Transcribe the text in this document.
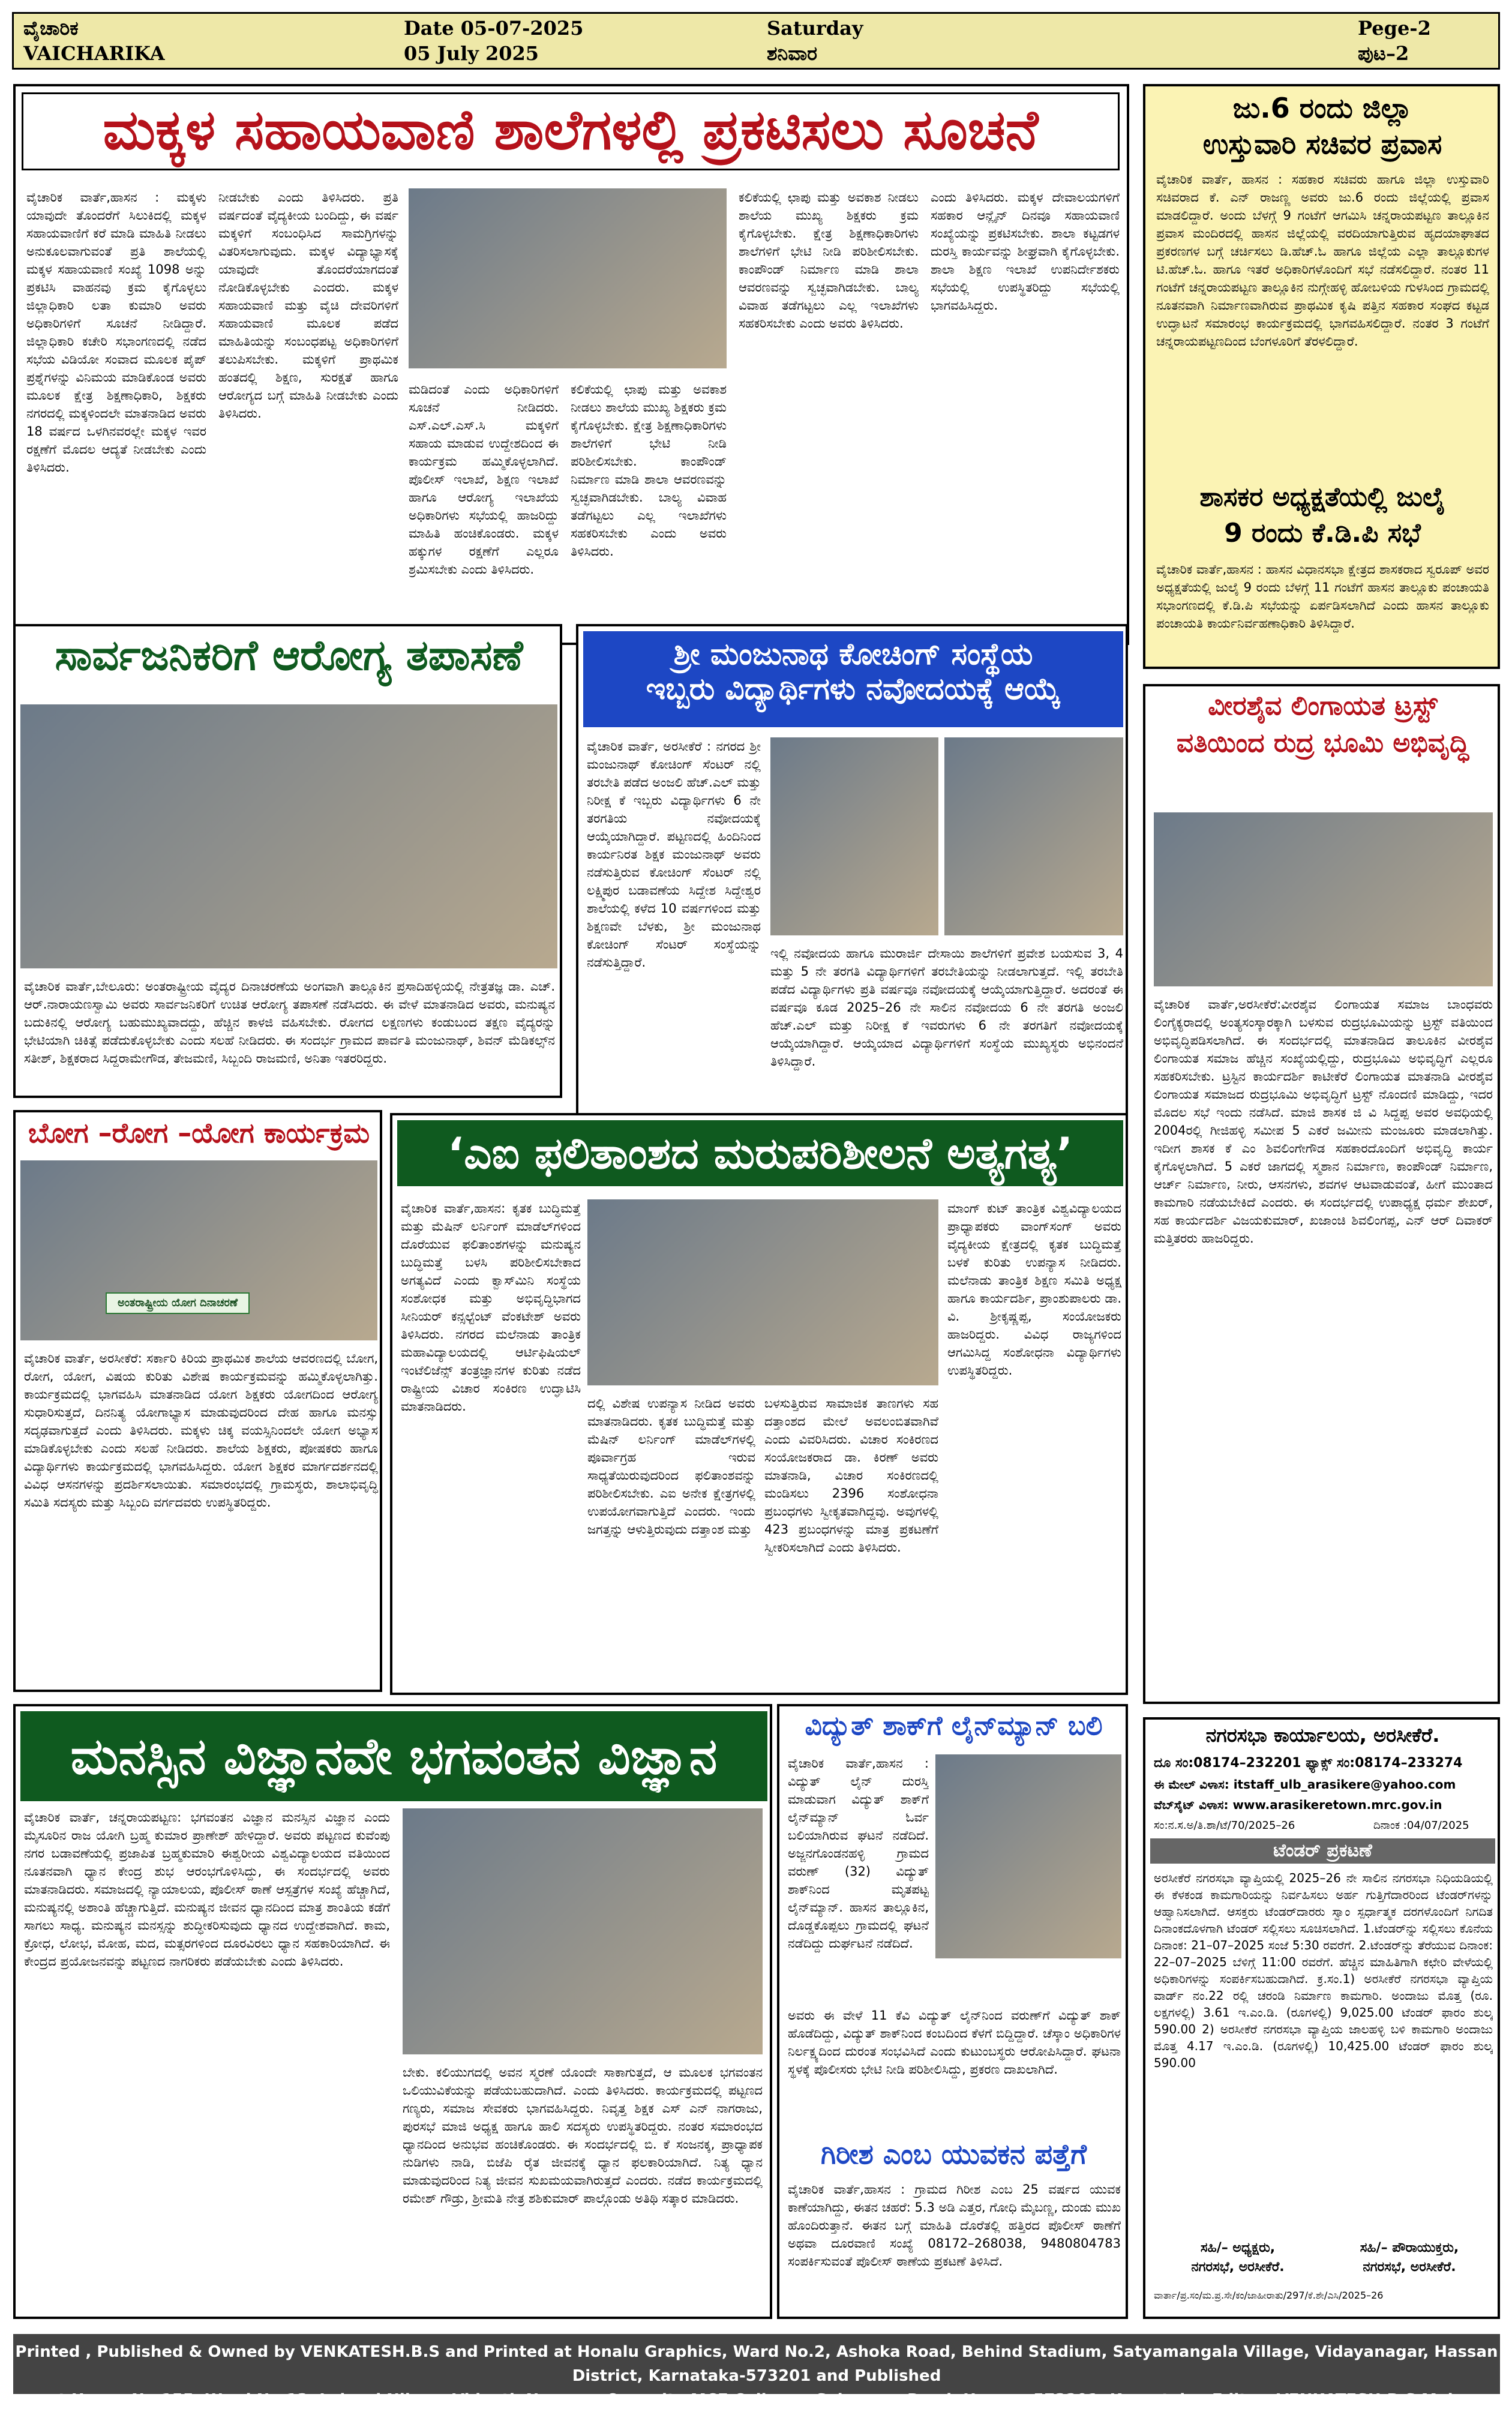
ವೈಚಾರಿಕ
VAICHARIKA
Date 05-07-2025
05 July 2025
Saturday
ಶನಿವಾರ
Pege-2
ಪುಟ–2
ಮಕ್ಕಳ ಸಹಾಯವಾಣಿ ಶಾಲೆಗಳಲ್ಲಿ ಪ್ರಕಟಿಸಲು ಸೂಚನೆ
ವೈಚಾರಿಕ ವಾರ್ತೆ,ಹಾಸನ : ಮಕ್ಕಳು ಯಾವುದೇ ತೊಂದರೆಗೆ ಸಿಲುಕಿದಲ್ಲಿ ಮಕ್ಕಳ ಸಹಾಯವಾಣಿಗೆ ಕರೆ ಮಾಡಿ ಮಾಹಿತಿ ನೀಡಲು ಅನುಕೂಲವಾಗುವಂತೆ ಪ್ರತಿ ಶಾಲೆಯಲ್ಲಿ ಮಕ್ಕಳ ಸಹಾಯವಾಣಿ ಸಂಖ್ಯೆ 1098 ಅನ್ನು ಪ್ರಕಟಿಸಿ ವಾಹನವು ಕ್ರಮ ಕೈಗೊಳ್ಳಲು ಜಿಲ್ಲಾಧಿಕಾರಿ ಲತಾ ಕುಮಾರಿ ಅವರು ಅಧಿಕಾರಿಗಳಿಗೆ ಸೂಚನೆ ನೀಡಿದ್ದಾರೆ. ಜಿಲ್ಲಾಧಿಕಾರಿ ಕಚೇರಿ ಸಭಾಂಗಣದಲ್ಲಿ ನಡೆದ ಸಭೆಯ ವಿಡಿಯೋ ಸಂವಾದ ಮೂಲಕ ಪೈಪ್ ಪ್ರಶ್ನೆಗಳನ್ನು ವಿನಿಮಯ ಮಾಡಿಕೊಂಡ ಅವರು ಮೂಲಕ ಕ್ಷೇತ್ರ ಶಿಕ್ಷಣಾಧಿಕಾರಿ, ಶಿಕ್ಷಕರು ನಗರದಲ್ಲಿ ಮಕ್ಕಳಿಂದಲೇ ಮಾತನಾಡಿದ ಅವರು 18 ವರ್ಷದ ಒಳಗಿನವರಲ್ಲೇ ಮಕ್ಕಳ ಇವರ ರಕ್ಷಣೆಗೆ ಮೊದಲ ಆದ್ಯತೆ ನೀಡಬೇಕು ಎಂದು ತಿಳಿಸಿದರು.
ನೀಡಬೇಕು ಎಂದು ತಿಳಿಸಿದರು. ಪ್ರತಿ ವರ್ಷದಂತೆ ವೈದ್ಯಕೀಯ ಬಂದಿದ್ದು, ಈ ವರ್ಷ ಮಕ್ಕಳಿಗೆ ಸಂಬಂಧಿಸಿದ ಸಾಮಗ್ರಿಗಳನ್ನು ವಿತರಿಸಲಾಗುವುದು. ಮಕ್ಕಳ ವಿದ್ಯಾಭ್ಯಾಸಕ್ಕೆ ಯಾವುದೇ ತೊಂದರೆಯಾಗದಂತೆ ನೋಡಿಕೊಳ್ಳಬೇಕು ಎಂದರು. ಮಕ್ಕಳ ಸಹಾಯವಾಣಿ ಮತ್ತು ವೈಚಿ ದೇವರಿಗಳಿಗೆ ಸಹಾಯವಾಣಿ ಮೂಲಕ ಪಡೆದ ಮಾಹಿತಿಯನ್ನು ಸಂಬಂಧಪಟ್ಟ ಅಧಿಕಾರಿಗಳಿಗೆ ತಲುಪಿಸಬೇಕು. ಮಕ್ಕಳಿಗೆ ಪ್ರಾಥಮಿಕ ಹಂತದಲ್ಲಿ ಶಿಕ್ಷಣ, ಸುರಕ್ಷತೆ ಹಾಗೂ ಆರೋಗ್ಯದ ಬಗ್ಗೆ ಮಾಹಿತಿ ನೀಡಬೇಕು ಎಂದು ತಿಳಿಸಿದರು.
ಮಡಿದಂತೆ ಎಂದು ಅಧಿಕಾರಿಗಳಿಗೆ ಸೂಚನೆ ನೀಡಿದರು. ಎಸ್.ಎಲ್.ಎಸ್.ಸಿ ಮಕ್ಕಳಿಗೆ ಸಹಾಯ ಮಾಡುವ ಉದ್ದೇಶದಿಂದ ಈ ಕಾರ್ಯಕ್ರಮ ಹಮ್ಮಿಕೊಳ್ಳಲಾಗಿದೆ. ಪೊಲೀಸ್ ಇಲಾಖೆ, ಶಿಕ್ಷಣ ಇಲಾಖೆ ಹಾಗೂ ಆರೋಗ್ಯ ಇಲಾಖೆಯ ಅಧಿಕಾರಿಗಳು ಸಭೆಯಲ್ಲಿ ಹಾಜರಿದ್ದು ಮಾಹಿತಿ ಹಂಚಿಕೊಂಡರು. ಮಕ್ಕಳ ಹಕ್ಕುಗಳ ರಕ್ಷಣೆಗೆ ಎಲ್ಲರೂ ಶ್ರಮಿಸಬೇಕು ಎಂದು ತಿಳಿಸಿದರು.
ಕಲಿಕೆಯಲ್ಲಿ ಛಾಪು ಮತ್ತು ಅವಕಾಶ ನೀಡಲು ಶಾಲೆಯ ಮುಖ್ಯ ಶಿಕ್ಷಕರು ಕ್ರಮ ಕೈಗೊಳ್ಳಬೇಕು. ಕ್ಷೇತ್ರ ಶಿಕ್ಷಣಾಧಿಕಾರಿಗಳು ಶಾಲೆಗಳಿಗೆ ಭೇಟಿ ನೀಡಿ ಪರಿಶೀಲಿಸಬೇಕು. ಕಾಂಪೌಂಡ್ ನಿರ್ಮಾಣ ಮಾಡಿ ಶಾಲಾ ಆವರಣವನ್ನು ಸ್ವಚ್ಛವಾಗಿಡಬೇಕು. ಬಾಲ್ಯ ವಿವಾಹ ತಡೆಗಟ್ಟಲು ಎಲ್ಲ ಇಲಾಖೆಗಳು ಸಹಕರಿಸಬೇಕು ಎಂದು ಅವರು ತಿಳಿಸಿದರು.
ಕಲಿಕೆಯಲ್ಲಿ ಛಾಪು ಮತ್ತು ಅವಕಾಶ ನೀಡಲು ಶಾಲೆಯ ಮುಖ್ಯ ಶಿಕ್ಷಕರು ಕ್ರಮ ಕೈಗೊಳ್ಳಬೇಕು. ಕ್ಷೇತ್ರ ಶಿಕ್ಷಣಾಧಿಕಾರಿಗಳು ಶಾಲೆಗಳಿಗೆ ಭೇಟಿ ನೀಡಿ ಪರಿಶೀಲಿಸಬೇಕು. ಕಾಂಪೌಂಡ್ ನಿರ್ಮಾಣ ಮಾಡಿ ಶಾಲಾ ಆವರಣವನ್ನು ಸ್ವಚ್ಛವಾಗಿಡಬೇಕು. ಬಾಲ್ಯ ವಿವಾಹ ತಡೆಗಟ್ಟಲು ಎಲ್ಲ ಇಲಾಖೆಗಳು ಸಹಕರಿಸಬೇಕು ಎಂದು ಅವರು ತಿಳಿಸಿದರು.
ಎಂದು ತಿಳಿಸಿದರು. ಮಕ್ಕಳ ದೇವಾಲಯಗಳಿಗೆ ಸಹಕಾರ ಆನ್ಲೈನ್ ದಿನವೂ ಸಹಾಯವಾಣಿ ಸಂಖ್ಯೆಯನ್ನು ಪ್ರಕಟಿಸಬೇಕು. ಶಾಲಾ ಕಟ್ಟಡಗಳ ದುರಸ್ತಿ ಕಾರ್ಯವನ್ನು ಶೀಘ್ರವಾಗಿ ಕೈಗೊಳ್ಳಬೇಕು. ಶಾಲಾ ಶಿಕ್ಷಣ ಇಲಾಖೆ ಉಪನಿರ್ದೇಶಕರು ಸಭೆಯಲ್ಲಿ ಉಪಸ್ಥಿತರಿದ್ದು ಸಭೆಯಲ್ಲಿ ಭಾಗವಹಿಸಿದ್ದರು.
ಜು.6 ರಂದು ಜಿಲ್ಲಾ
ಉಸ್ತುವಾರಿ ಸಚಿವರ ಪ್ರವಾಸ
ವೈಚಾರಿಕ ವಾರ್ತೆ, ಹಾಸನ : ಸಹಕಾರ ಸಚಿವರು ಹಾಗೂ ಜಿಲ್ಲಾ ಉಸ್ತುವಾರಿ ಸಚಿವರಾದ ಕೆ. ಎನ್ ರಾಜಣ್ಣ ಅವರು ಜು.6 ರಂದು ಜಿಲ್ಲೆಯಲ್ಲಿ ಪ್ರವಾಸ ಮಾಡಲಿದ್ದಾರೆ. ಅಂದು ಬೆಳಗ್ಗೆ 9 ಗಂಟೆಗೆ ಆಗಮಿಸಿ ಚನ್ನರಾಯಪಟ್ಟಣ ತಾಲ್ಲೂಕಿನ ಪ್ರವಾಸ ಮಂದಿರದಲ್ಲಿ ಹಾಸನ ಜಿಲ್ಲೆಯಲ್ಲಿ ವರದಿಯಾಗುತ್ತಿರುವ ಹೃದಯಾಘಾತದ ಪ್ರಕರಣಗಳ ಬಗ್ಗೆ ಚರ್ಚಿಸಲು ಡಿ.ಹೆಚ್.ಓ ಹಾಗೂ ಜಿಲ್ಲೆಯ ಎಲ್ಲಾ ತಾಲ್ಲೂಕುಗಳ ಟಿ.ಹೆಚ್.ಓ. ಹಾಗೂ ಇತರೆ ಅಧಿಕಾರಿಗಳೊಂದಿಗೆ ಸಭೆ ನಡೆಸಲಿದ್ದಾರೆ. ನಂತರ 11 ಗಂಟೆಗೆ ಚನ್ನರಾಯಪಟ್ಟಣ ತಾಲ್ಲೂಕಿನ ನುಗ್ಗೇಹಳ್ಳಿ ಹೋಬಳಿಯ ಗುಳಸಿಂದ ಗ್ರಾಮದಲ್ಲಿ ನೂತನವಾಗಿ ನಿರ್ಮಾಣವಾಗಿರುವ ಪ್ರಾಥಮಿಕ ಕೃಷಿ ಪತ್ತಿನ ಸಹಕಾರ ಸಂಘದ ಕಟ್ಟಡ ಉದ್ಘಾಟನೆ ಸಮಾರಂಭ ಕಾರ್ಯಕ್ರಮದಲ್ಲಿ ಭಾಗವಹಿಸಲಿದ್ದಾರೆ. ನಂತರ 3 ಗಂಟೆಗೆ ಚನ್ನರಾಯಪಟ್ಟಣದಿಂದ ಬೆಂಗಳೂರಿಗೆ ತೆರಳಲಿದ್ದಾರೆ.
ಶಾಸಕರ ಅಧ್ಯಕ್ಷತೆಯಲ್ಲಿ ಜುಲೈ
9 ರಂದು ಕೆ.ಡಿ.ಪಿ ಸಭೆ
ವೈಚಾರಿಕ ವಾರ್ತೆ,ಹಾಸನ : ಹಾಸನ ವಿಧಾನಸಭಾ ಕ್ಷೇತ್ರದ ಶಾಸಕರಾದ ಸ್ವರೂಪ್ ಅವರ ಅಧ್ಯಕ್ಷತೆಯಲ್ಲಿ ಜುಲೈ 9 ರಂದು ಬೆಳಗ್ಗೆ 11 ಗಂಟೆಗೆ ಹಾಸನ ತಾಲ್ಲೂಕು ಪಂಚಾಯತಿ ಸಭಾಂಗಣದಲ್ಲಿ ಕೆ.ಡಿ.ಪಿ ಸಭೆಯನ್ನು ಏರ್ಪಡಿಸಲಾಗಿದೆ ಎಂದು ಹಾಸನ ತಾಲ್ಲೂಕು ಪಂಚಾಯತಿ ಕಾರ್ಯನಿರ್ವಹಣಾಧಿಕಾರಿ ತಿಳಿಸಿದ್ದಾರೆ.
ಸಾರ್ವಜನಿಕರಿಗೆ ಆರೋಗ್ಯ ತಪಾಸಣೆ
ವೈಚಾರಿಕ ವಾರ್ತೆ,ಬೇಲೂರು: ಅಂತರಾಷ್ಟ್ರೀಯ ವೈದ್ಯರ ದಿನಾಚರಣೆಯ ಅಂಗವಾಗಿ ತಾಲ್ಲೂಕಿನ ಪ್ರಸಾದಿಹಳ್ಳಿಯಲ್ಲಿ ನೇತ್ರತಜ್ಞ ಡಾ. ಎಚ್. ಆರ್.ನಾರಾಯಣಸ್ವಾಮಿ ಅವರು ಸಾರ್ವಜನಿಕರಿಗೆ ಉಚಿತ ಆರೋಗ್ಯ ತಪಾಸಣೆ ನಡೆಸಿದರು. ಈ ವೇಳೆ ಮಾತನಾಡಿದ ಅವರು, ಮನುಷ್ಯನ ಬದುಕಿನಲ್ಲಿ ಆರೋಗ್ಯ ಬಹುಮುಖ್ಯವಾದದ್ದು, ಹೆಚ್ಚಿನ ಕಾಳಜಿ ವಹಿಸಬೇಕು. ರೋಗದ ಲಕ್ಷಣಗಳು ಕಂಡುಬಂದ ತಕ್ಷಣ ವೈದ್ಯರನ್ನು ಭೇಟಿಯಾಗಿ ಚಿಕಿತ್ಸೆ ಪಡೆದುಕೊಳ್ಳಬೇಕು ಎಂದು ಸಲಹೆ ನೀಡಿದರು. ಈ ಸಂದರ್ಭ ಗ್ರಾಮದ ಪಾರ್ವತಿ ಮಂಜುನಾಥ್, ಶಿವನ್ ಮೆಡಿಕಲ್ಸ್‌ನ ಸತೀಶ್, ಶಿಕ್ಷಕರಾದ ಸಿದ್ದರಾಮೇಗೌಡ, ತೇಜಮಣಿ, ಸಿಬ್ಬಂದಿ ರಾಜಮಣಿ, ಅನಿತಾ ಇತರರಿದ್ದರು.
ಶ್ರೀ ಮಂಜುನಾಥ ಕೋಚಿಂಗ್ ಸಂಸ್ಥೆಯ
ಇಬ್ಬರು ವಿದ್ಯಾರ್ಥಿಗಳು ನವೋದಯಕ್ಕೆ ಆಯ್ಕೆ
ವೈಚಾರಿಕ ವಾರ್ತೆ, ಅರಸೀಕೆರೆ : ನಗರದ ಶ್ರೀ ಮಂಜುನಾಥ್ ಕೋಚಿಂಗ್ ಸೆಂಟರ್ ನಲ್ಲಿ ತರಬೇತಿ ಪಡೆದ ಅಂಜಲಿ ಹೆಚ್.ಎಲ್ ಮತ್ತು ನಿರೀಕ್ಷ ಕೆ ಇಬ್ಬರು ವಿದ್ಯಾರ್ಥಿಗಳು 6 ನೇ ತರಗತಿಯ ನವೋದಯಕ್ಕೆ ಆಯ್ಕೆಯಾಗಿದ್ದಾರೆ. ಪಟ್ಟಣದಲ್ಲಿ ಹಿಂದಿನಿಂದ ಕಾರ್ಯನಿರತ ಶಿಕ್ಷಕ ಮಂಜುನಾಥ್ ಅವರು ನಡೆಸುತ್ತಿರುವ ಕೋಚಿಂಗ್ ಸೆಂಟರ್ ನಲ್ಲಿ ಲಕ್ಷ್ಮಿಪುರ ಬಡಾವಣೆಯ ಸಿದ್ದೇಶ ಸಿದ್ದೇಶ್ವರ ಶಾಲೆಯಲ್ಲಿ ಕಳೆದ 10 ವರ್ಷಗಳಿಂದ ಮತ್ತು ಶಿಕ್ಷಣವೇ ಬೆಳಕು, ಶ್ರೀ ಮಂಜುನಾಥ ಕೋಚಿಂಗ್ ಸೆಂಟರ್ ಸಂಸ್ಥೆಯನ್ನು ನಡೆಸುತ್ತಿದ್ದಾರೆ.
ಇಲ್ಲಿ ನವೋದಯ ಹಾಗೂ ಮುರಾರ್ಜಿ ದೇಸಾಯಿ ಶಾಲೆಗಳಿಗೆ ಪ್ರವೇಶ ಬಯಸುವ 3, 4 ಮತ್ತು 5 ನೇ ತರಗತಿ ವಿದ್ಯಾರ್ಥಿಗಳಿಗೆ ತರಬೇತಿಯನ್ನು ನೀಡಲಾಗುತ್ತದೆ. ಇಲ್ಲಿ ತರಬೇತಿ ಪಡೆದ ವಿದ್ಯಾರ್ಥಿಗಳು ಪ್ರತಿ ವರ್ಷವೂ ನವೋದಯಕ್ಕೆ ಆಯ್ಕೆಯಾಗುತ್ತಿದ್ದಾರೆ. ಅದರಂತೆ ಈ ವರ್ಷವೂ ಕೂಡ 2025–26 ನೇ ಸಾಲಿನ ನವೋದಯ 6 ನೇ ತರಗತಿ ಅಂಜಲಿ ಹೆಚ್.ಎಲ್ ಮತ್ತು ನಿರೀಕ್ಷ ಕೆ ಇವರುಗಳು 6 ನೇ ತರಗತಿಗೆ ನವೋದಯಕ್ಕೆ ಆಯ್ಕೆಯಾಗಿದ್ದಾರೆ. ಆಯ್ಕೆಯಾದ ವಿದ್ಯಾರ್ಥಿಗಳಿಗೆ ಸಂಸ್ಥೆಯ ಮುಖ್ಯಸ್ಥರು ಅಭಿನಂದನೆ ತಿಳಿಸಿದ್ದಾರೆ.
ವೀರಶೈವ ಲಿಂಗಾಯತ ಟ್ರಸ್ಟ್
ವತಿಯಿಂದ ರುದ್ರ ಭೂಮಿ ಅಭಿವೃದ್ಧಿ
ವೈಚಾರಿಕ ವಾರ್ತೆ,ಅರಸೀಕೆರೆ:ವೀರಶೈವ ಲಿಂಗಾಯತ ಸಮಾಜ ಬಾಂಧವರು ಲಿಂಗೈಕ್ಯರಾದಲ್ಲಿ ಅಂತ್ಯಸಂಸ್ಕಾರಕ್ಕಾಗಿ ಬಳಸುವ ರುದ್ರಭೂಮಿಯನ್ನು ಟ್ರಸ್ಟ್ ವತಿಯಿಂದ ಅಭಿವೃದ್ಧಿಪಡಿಸಲಾಗಿದೆ. ಈ ಸಂದರ್ಭದಲ್ಲಿ ಮಾತನಾಡಿದ ತಾಲೂಕಿನ ವೀರಶೈವ ಲಿಂಗಾಯತ ಸಮಾಜ ಹೆಚ್ಚಿನ ಸಂಖ್ಯೆಯಲ್ಲಿದ್ದು, ರುದ್ರಭೂಮಿ ಅಭಿವೃದ್ಧಿಗೆ ಎಲ್ಲರೂ ಸಹಕರಿಸಬೇಕು. ಟ್ರಸ್ಟಿನ ಕಾರ್ಯದರ್ಶಿ ಕಾಟೀಕೆರೆ ಲಿಂಗಾಯತ ಮಾತನಾಡಿ ವೀರಶೈವ ಲಿಂಗಾಯತ ಸಮಾಜದ ರುದ್ರಭೂಮಿ ಅಭಿವೃದ್ಧಿಗೆ ಟ್ರಸ್ಟ್ ನೊಂದಣಿ ಮಾಡಿದ್ದು, ಇದರ ಮೊದಲ ಸಭೆ ಇಂದು ನಡೆಸಿದೆ. ಮಾಜಿ ಶಾಸಕ ಜಿ ವಿ ಸಿದ್ದಪ್ಪ ಅವರ ಅವಧಿಯಲ್ಲಿ 2004ರಲ್ಲಿ ಗೀಜಿಹಳ್ಳಿ ಸಮೀಪ 5 ಎಕರೆ ಜಮೀನು ಮಂಜೂರು ಮಾಡಲಾಗಿತ್ತು. ಇದೀಗ ಶಾಸಕ ಕೆ ಎಂ ಶಿವಲಿಂಗೇಗೌಡ ಸಹಕಾರದೊಂದಿಗೆ ಅಭಿವೃದ್ಧಿ ಕಾರ್ಯ ಕೈಗೊಳ್ಳಲಾಗಿದೆ. 5 ಎಕರೆ ಜಾಗದಲ್ಲಿ ಸ್ಮಶಾನ ನಿರ್ಮಾಣ, ಕಾಂಪೌಂಡ್ ನಿರ್ಮಾಣ, ಆರ್ಚ್ ನಿರ್ಮಾಣ, ನೀರು, ಆಸನಗಳು, ಶವಗಳ ಆಟವಾಡುವಂತೆ, ಹೀಗೆ ಮುಂತಾದ ಕಾಮಗಾರಿ ನಡೆಯಬೇಕಿದೆ ಎಂದರು. ಈ ಸಂದರ್ಭದಲ್ಲಿ ಉಪಾಧ್ಯಕ್ಷ ಧರ್ಮ ಶೇಖರ್, ಸಹ ಕಾರ್ಯದರ್ಶಿ ವಿಜಯಕುಮಾರ್, ಖಜಾಂಚಿ ಶಿವಲಿಂಗಪ್ಪ, ಎನ್ ಆರ್ ದಿವಾಕರ್ ಮತ್ತಿತರರು ಹಾಜರಿದ್ದರು.
ಬೋಗ –ರೋಗ –ಯೋಗ ಕಾರ್ಯಕ್ರಮ
ಅಂತರಾಷ್ಟ್ರೀಯ ಯೋಗ ದಿನಾಚರಣೆ
ವೈಚಾರಿಕ ವಾರ್ತೆ, ಅರಸೀಕೆರೆ: ಸರ್ಕಾರಿ ಕಿರಿಯ ಪ್ರಾಥಮಿಕ ಶಾಲೆಯ ಆವರಣದಲ್ಲಿ ಬೋಗ, ರೋಗ, ಯೋಗ, ವಿಷಯ ಕುರಿತು ವಿಶೇಷ ಕಾರ್ಯಕ್ರಮವನ್ನು ಹಮ್ಮಿಕೊಳ್ಳಲಾಗಿತ್ತು. ಕಾರ್ಯಕ್ರಮದಲ್ಲಿ ಭಾಗವಹಿಸಿ ಮಾತನಾಡಿದ ಯೋಗ ಶಿಕ್ಷಕರು ಯೋಗದಿಂದ ಆರೋಗ್ಯ ಸುಧಾರಿಸುತ್ತದೆ, ದಿನನಿತ್ಯ ಯೋಗಾಭ್ಯಾಸ ಮಾಡುವುದರಿಂದ ದೇಹ ಹಾಗೂ ಮನಸ್ಸು ಸದೃಢವಾಗುತ್ತದೆ ಎಂದು ತಿಳಿಸಿದರು. ಮಕ್ಕಳು ಚಿಕ್ಕ ವಯಸ್ಸಿನಿಂದಲೇ ಯೋಗ ಅಭ್ಯಾಸ ಮಾಡಿಕೊಳ್ಳಬೇಕು ಎಂದು ಸಲಹೆ ನೀಡಿದರು. ಶಾಲೆಯ ಶಿಕ್ಷಕರು, ಪೋಷಕರು ಹಾಗೂ ವಿದ್ಯಾರ್ಥಿಗಳು ಕಾರ್ಯಕ್ರಮದಲ್ಲಿ ಭಾಗವಹಿಸಿದ್ದರು. ಯೋಗ ಶಿಕ್ಷಕರ ಮಾರ್ಗದರ್ಶನದಲ್ಲಿ ವಿವಿಧ ಆಸನಗಳನ್ನು ಪ್ರದರ್ಶಿಸಲಾಯಿತು. ಸಮಾರಂಭದಲ್ಲಿ ಗ್ರಾಮಸ್ಥರು, ಶಾಲಾಭಿವೃದ್ಧಿ ಸಮಿತಿ ಸದಸ್ಯರು ಮತ್ತು ಸಿಬ್ಬಂದಿ ವರ್ಗದವರು ಉಪಸ್ಥಿತರಿದ್ದರು.
‘ಎಐ ಫಲಿತಾಂಶದ ಮರುಪರಿಶೀಲನೆ ಅತ್ಯಗತ್ಯ’
ವೈಚಾರಿಕ ವಾರ್ತೆ,ಹಾಸನ: ಕೃತಕ ಬುದ್ಧಿಮತ್ತೆ ಮತ್ತು ಮೆಷಿನ್ ಲರ್ನಿಂಗ್ ಮಾಡೆಲ್‌ಗಳಿಂದ ದೊರೆಯುವ ಫಲಿತಾಂಶಗಳನ್ನು ಮನುಷ್ಯನ ಬುದ್ಧಿಮತ್ತೆ ಬಳಸಿ ಪರಿಶೀಲಿಸಬೇಕಾದ ಅಗತ್ಯವಿದೆ ಎಂದು ಕ್ವಾಸ್‌ಮಿನಿ ಸಂಸ್ಥೆಯ ಸಂಶೋಧಕ ಮತ್ತು ಅಭಿವೃದ್ಧಿಭಾಗದ ಸೀನಿಯರ್ ಕನ್ಸಲ್ಟೆಂಟ್ ವೆಂಕಟೇಶ್ ಅವರು ತಿಳಿಸಿದರು. ನಗರದ ಮಲೆನಾಡು ತಾಂತ್ರಿಕ ಮಹಾವಿದ್ಯಾಲಯದಲ್ಲಿ ಆರ್ಟಿಫಿಷಿಯಲ್ ಇಂಟೆಲಿಜೆನ್ಸ್ ತಂತ್ರಜ್ಞಾನಗಳ ಕುರಿತು ನಡೆದ ರಾಷ್ಟ್ರೀಯ ವಿಚಾರ ಸಂಕಿರಣ ಉದ್ಘಾಟಿಸಿ ಮಾತನಾಡಿದರು.	ದಲ್ಲಿ ವಿಶೇಷ ಉಪನ್ಯಾಸ ನೀಡಿದ ಅವರು ಮಾತನಾಡಿದರು. ಕೃತಕ ಬುದ್ಧಿಮತ್ತೆ ಮತ್ತು ಮೆಷಿನ್ ಲರ್ನಿಂಗ್ ಮಾಡೆಲ್‌ಗಳಲ್ಲಿ ಪೂರ್ವಾಗ್ರಹ ಇರುವ ಸಾಧ್ಯತೆಯಿರುವುದರಿಂದ ಫಲಿತಾಂಶವನ್ನು ಪರಿಶೀಲಿಸಬೇಕು. ಎಐ ಅನೇಕ ಕ್ಷೇತ್ರಗಳಲ್ಲಿ ಉಪಯೋಗವಾಗುತ್ತಿದೆ ಎಂದರು. ಇಂದು ಜಗತ್ತನ್ನು ಆಳುತ್ತಿರುವುದು ದತ್ತಾಂಶ ಮತ್ತು
ಬಳಸುತ್ತಿರುವ ಸಾಮಾಜಿಕ ತಾಣಗಳು ಸಹ ದತ್ತಾಂಶದ ಮೇಲೆ ಅವಲಂಬಿತವಾಗಿವೆ ಎಂದು ವಿವರಿಸಿದರು. ವಿಚಾರ ಸಂಕಿರಣದ ಸಂಯೋಜಕರಾದ ಡಾ. ಕಿರಣ್ ಅವರು ಮಾತನಾಡಿ, ವಿಚಾರ ಸಂಕಿರಣದಲ್ಲಿ ಮಂಡಿಸಲು 2396 ಸಂಶೋಧನಾ ಪ್ರಬಂಧಗಳು ಸ್ವೀಕೃತವಾಗಿದ್ದವು. ಅವುಗಳಲ್ಲಿ 423 ಪ್ರಬಂಧಗಳನ್ನು ಮಾತ್ರ ಪ್ರಕಟಣೆಗೆ ಸ್ವೀಕರಿಸಲಾಗಿದೆ ಎಂದು ತಿಳಿಸಿದರು.
ಮಾಂಗ್ ಕುಟ್ ತಾಂತ್ರಿಕ ವಿಶ್ವವಿದ್ಯಾಲಯದ ಪ್ರಾಧ್ಯಾಪಕರು ವಾಂಗ್‌ಸಂಗ್ ಅವರು ವೈದ್ಯಕೀಯ ಕ್ಷೇತ್ರದಲ್ಲಿ ಕೃತಕ ಬುದ್ಧಿಮತ್ತೆ ಬಳಕೆ ಕುರಿತು ಉಪನ್ಯಾಸ ನೀಡಿದರು. ಮಲೆನಾಡು ತಾಂತ್ರಿಕ ಶಿಕ್ಷಣ ಸಮಿತಿ ಅಧ್ಯಕ್ಷ ಹಾಗೂ ಕಾರ್ಯದರ್ಶಿ, ಪ್ರಾಂಶುಪಾಲರು ಡಾ. ವಿ. ಶ್ರೀಕೃಷ್ಣಪ್ಪ, ಸಂಯೋಜಕರು ಹಾಜರಿದ್ದರು. ವಿವಿಧ ರಾಜ್ಯಗಳಿಂದ ಆಗಮಿಸಿದ್ದ ಸಂಶೋಧನಾ ವಿದ್ಯಾರ್ಥಿಗಳು ಉಪಸ್ಥಿತರಿದ್ದರು.
ಮನಸ್ಸಿನ ವಿಜ್ಞಾನವೇ ಭಗವಂತನ ವಿಜ್ಞಾನ
ವೈಚಾರಿಕ ವಾರ್ತೆ, ಚನ್ನರಾಯಪಟ್ಟಣ: ಭಗವಂತನ ವಿಜ್ಞಾನ ಮನಸ್ಸಿನ ವಿಜ್ಞಾನ ಎಂದು ಮೈಸೂರಿನ ರಾಜ ಯೋಗಿ ಬ್ರಹ್ಮ ಕುಮಾರ ಪ್ರಾಣೇಶ್ ಹೇಳಿದ್ದಾರೆ. ಅವರು ಪಟ್ಟಣದ ಕುವೆಂಪು ನಗರ ಬಡಾವಣೆಯಲ್ಲಿ ಪ್ರಜಾಪಿತ ಬ್ರಹ್ಮಕುಮಾರಿ ಈಶ್ವರೀಯ ವಿಶ್ವವಿದ್ಯಾಲಯದ ವತಿಯಿಂದ ನೂತನವಾಗಿ ಧ್ಯಾನ ಕೇಂದ್ರ ಶುಭ ಆರಂಭಗೊಳಿಸಿದ್ದು, ಈ ಸಂದರ್ಭದಲ್ಲಿ ಅವರು ಮಾತನಾಡಿದರು. ಸಮಾಜದಲ್ಲಿ ನ್ಯಾಯಾಲಯ, ಪೊಲೀಸ್ ಠಾಣೆ ಆಸ್ಪತ್ರೆಗಳ ಸಂಖ್ಯೆ ಹೆಚ್ಚಾಗಿದೆ, ಮನುಷ್ಯನಲ್ಲಿ ಅಶಾಂತಿ ಹೆಚ್ಚಾಗುತ್ತಿದೆ. ಮನುಷ್ಯನ ಜೀವನ ಧ್ಯಾನದಿಂದ ಮಾತ್ರ ಶಾಂತಿಯ ಕಡೆಗೆ ಸಾಗಲು ಸಾಧ್ಯ. ಮನುಷ್ಯನ ಮನಸ್ಸನ್ನು ಶುದ್ಧೀಕರಿಸುವುದು ಧ್ಯಾನದ ಉದ್ದೇಶವಾಗಿದೆ. ಕಾಮ, ಕ್ರೋಧ, ಲೋಭ, ಮೋಹ, ಮದ, ಮತ್ಸರಗಳಿಂದ ದೂರವಿರಲು ಧ್ಯಾನ ಸಹಕಾರಿಯಾಗಿದೆ. ಈ ಕೇಂದ್ರದ ಪ್ರಯೋಜನವನ್ನು ಪಟ್ಟಣದ ನಾಗರಿಕರು ಪಡೆಯಬೇಕು ಎಂದು ತಿಳಿಸಿದರು.
ಬೇಕು. ಕಲಿಯುಗದಲ್ಲಿ ಅವನ ಸ್ಮರಣೆ ಯೊಂದೇ ಸಾಕಾಗುತ್ತದೆ, ಆ ಮೂಲಕ ಭಗವಂತನ ಒಲಿಯುವಿಕೆಯನ್ನು ಪಡೆಯಬಹುದಾಗಿದೆ. ಎಂದು ತಿಳಿಸಿದರು. ಕಾರ್ಯಕ್ರಮದಲ್ಲಿ ಪಟ್ಟಣದ ಗಣ್ಯರು, ಸಮಾಜ ಸೇವಕರು ಭಾಗವಹಿಸಿದ್ದರು. ನಿವೃತ್ತ ಶಿಕ್ಷಕ ಎಸ್ ಎನ್ ನಾಗರಾಜು, ಪುರಸಭೆ ಮಾಜಿ ಅಧ್ಯಕ್ಷ ಹಾಗೂ ಹಾಲಿ ಸದಸ್ಯರು ಉಪಸ್ಥಿತರಿದ್ದರು. ನಂತರ ಸಮಾರಂಭದ ಧ್ಯಾನದಿಂದ ಅನುಭವ ಹಂಚಿಕೊಂಡರು. ಈ ಸಂದರ್ಭದಲ್ಲಿ ಬಿ. ಕೆ ಸಂಜನಕ್ಕ, ಪ್ರಾಧ್ಯಾಪಕ ನುಡಿಗಳು ನಾಡಿ, ಬಿಜೆಪಿ ರೈತ ಜೀವನಕ್ಕೆ ಧ್ಯಾನ ಫಲಕಾರಿಯಾಗಿದೆ. ನಿತ್ಯ ಧ್ಯಾನ ಮಾಡುವುದರಿಂದ ನಿತ್ಯ ಜೀವನ ಸುಖಮಯವಾಗಿರುತ್ತದೆ ಎಂದರು. ನಡೆದ ಕಾರ್ಯಕ್ರಮದಲ್ಲಿ ರಮೇಶ್ ಗೌಡ್ರು, ಶ್ರೀಮತಿ ನೇತ್ರ ಶಶಿಕುಮಾರ್ ಪಾಲ್ಗೊಂಡು ಅತಿಥಿ ಸತ್ಕಾರ ಮಾಡಿದರು.
ವಿದ್ಯುತ್ ಶಾಕ್‌ಗೆ ಲೈನ್‌ಮ್ಯಾನ್ ಬಲಿ
ವೈಚಾರಿಕ ವಾರ್ತೆ,ಹಾಸನ : ವಿದ್ಯುತ್ ಲೈನ್ ದುರಸ್ತಿ ಮಾಡುವಾಗ ವಿದ್ಯುತ್ ಶಾಕ್‌ಗೆ ಲೈನ್‌ಮ್ಯಾನ್ ಓರ್ವ ಬಲಿಯಾಗಿರುವ ಘಟನೆ ನಡೆದಿದೆ. ಅಜ್ಜನಗೊಂಡನಹಳ್ಳಿ ಗ್ರಾಮದ ವರುಣ್ (32) ವಿದ್ಯುತ್ ಶಾಕ್‌ನಿಂದ ಮೃತಪಟ್ಟ ಲೈನ್‌ಮ್ಯಾನ್. ಹಾಸನ ತಾಲ್ಲೂಕಿನ, ದೊಡ್ಡಕೊಪ್ಪಲು ಗ್ರಾಮದಲ್ಲಿ ಘಟನೆ ನಡೆದಿದ್ದು ದುರ್ಘಟನೆ ನಡೆದಿದೆ.
ಅವರು ಈ ವೇಳೆ 11 ಕೆವಿ ವಿದ್ಯುತ್ ಲೈನ್‌ನಿಂದ ವರುಣ್‌ಗೆ ವಿದ್ಯುತ್ ಶಾಕ್ ಹೊಡೆದಿದ್ದು, ವಿದ್ಯುತ್ ಶಾಕ್‌ನಿಂದ ಕಂಬದಿಂದ ಕೆಳಗೆ ಬಿದ್ದಿದ್ದಾರೆ. ಚೆಸ್ಕಾಂ ಅಧಿಕಾರಿಗಳ ನಿರ್ಲಕ್ಷ್ಯದಿಂದ ದುರಂತ ಸಂಭವಿಸಿದೆ ಎಂದು ಕುಟುಂಬಸ್ಥರು ಆರೋಪಿಸಿದ್ದಾರೆ. ಘಟನಾ ಸ್ಥಳಕ್ಕೆ ಪೊಲೀಸರು ಭೇಟಿ ನೀಡಿ ಪರಿಶೀಲಿಸಿದ್ದು, ಪ್ರಕರಣ ದಾಖಲಾಗಿದೆ.
ಗಿರೀಶ ಎಂಬ ಯುವಕನ ಪತ್ತೆಗೆ
ವೈಚಾರಿಕ ವಾರ್ತೆ,ಹಾಸನ : ಗ್ರಾಮದ ಗಿರೀಶ ಎಂಬ 25 ವರ್ಷದ ಯುವಕ ಕಾಣೆಯಾಗಿದ್ದು, ಈತನ ಚಹರೆ: 5.3 ಅಡಿ ಎತ್ತರ, ಗೋಧಿ ಮೈಬಣ್ಣ, ದುಂಡು ಮುಖ ಹೊಂದಿರುತ್ತಾನೆ. ಈತನ ಬಗ್ಗೆ ಮಾಹಿತಿ ದೊರೆತಲ್ಲಿ ಹತ್ತಿರದ ಪೊಲೀಸ್ ಠಾಣೆಗೆ ಅಥವಾ ದೂರವಾಣಿ ಸಂಖ್ಯೆ 08172–268038, 9480804783 ಸಂಪರ್ಕಿಸುವಂತೆ ಪೊಲೀಸ್ ಠಾಣೆಯ ಪ್ರಕಟಣೆ ತಿಳಿಸಿದೆ.
ನಗರಸಭಾ ಕಾರ್ಯಾಲಯ, ಅರಸೀಕೆರೆ.
ದೂ ಸಂ:08174–232201 ಫ್ಯಾಕ್ಸ್ ಸಂ:08174–233274
ಈ ಮೇಲ್ ವಿಳಾಸ: itstaff_ulb_arasikere@yahoo.com
ವೆಬ್‌ಸೈಟ್ ವಿಳಾಸ: www.arasikeretown.mrc.gov.in
ಸಂ:ನ.ಸ.ಅ/ತಿ.ಶಾ/ಟೆ/70/2025–26	ದಿನಾಂಕ :04/07/2025
ಟೆಂಡರ್ ಪ್ರಕಟಣೆ
ಅರಸೀಕೆರೆ ನಗರಸಭಾ ವ್ಯಾಪ್ತಿಯಲ್ಲಿ 2025–26 ನೇ ಸಾಲಿನ ನಗರಸಭಾ ನಿಧಿಯಡಿಯಲ್ಲಿ ಈ ಕೆಳಕಂಡ ಕಾಮಗಾರಿಯನ್ನು ನಿರ್ವಹಿಸಲು ಅರ್ಹ ಗುತ್ತಿಗೆದಾರರಿಂದ ಟೆಂಡರ್‌ಗಳನ್ನು ಆಹ್ವಾನಿಸಲಾಗಿದೆ. ಆಸಕ್ತರು ಟೆಂಡರ್‌ದಾರರು ಸ್ವಾಂ ಸ್ಪರ್ಧಾತ್ಮಕ ದರಗಳೊಂದಿಗೆ ನಿಗದಿತ ದಿನಾಂಕದೊಳಗಾಗಿ ಟೆಂಡರ್ ಸಲ್ಲಿಸಲು ಸೂಚಿಸಲಾಗಿದೆ. 1.ಟೆಂಡರ್‌ನ್ನು ಸಲ್ಲಿಸಲು ಕೊನೆಯ ದಿನಾಂಕ: 21–07–2025 ಸಂಜೆ 5:30 ರವರೆಗೆ. 2.ಟೆಂಡರ್‌ನ್ನು ತೆರೆಯುವ ದಿನಾಂಕ: 22–07–2025 ಬೆಳಿಗ್ಗೆ 11:00 ರವರೆಗೆ. ಹೆಚ್ಚಿನ ಮಾಹಿತಿಗಾಗಿ ಕಛೇರಿ ವೇಳೆಯಲ್ಲಿ ಅಧಿಕಾರಿಗಳನ್ನು ಸಂಪರ್ಕಿಸಬಹುದಾಗಿದೆ. ಕ್ರ.ಸಂ.1) ಅರಸೀಕೆರೆ ನಗರಸಭಾ ವ್ಯಾಪ್ತಿಯ ವಾರ್ಡ್ ನಂ.22 ರಲ್ಲಿ ಚರಂಡಿ ನಿರ್ಮಾಣ ಕಾಮಗಾರಿ. ಅಂದಾಜು ಮೊತ್ತ (ರೂ. ಲಕ್ಷಗಳಲ್ಲಿ) 3.61 ಇ.ಎಂ.ಡಿ. (ರೂಗಳಲ್ಲಿ) 9,025.00 ಟೆಂಡರ್ ಫಾರಂ ಶುಲ್ಕ 590.00 2) ಅರಸೀಕೆರೆ ನಗರಸಭಾ ವ್ಯಾಪ್ತಿಯ ಜಾಲಹಳ್ಳಿ ಬಳಿ ಕಾಮಗಾರಿ ಅಂದಾಜು ಮೊತ್ತ 4.17 ಇ.ಎಂ.ಡಿ. (ರೂಗಳಲ್ಲಿ) 10,425.00 ಟೆಂಡರ್ ಫಾರಂ ಶುಲ್ಕ 590.00
ಸಹಿ/– ಅಧ್ಯಕ್ಷರು,
ನಗರಸಭೆ, ಅರಸೀಕೆರೆ.
ಸಹಿ/– ಪೌರಾಯುಕ್ತರು,
ನಗರಸಭೆ, ಅರಸೀಕೆರೆ.
ವಾರ್ತಾ/ಪ್ರ.ಸಂ/ಮ.ಪ್ರ.ಸೇ/ಕಂ/ಜಾಹೀರಾತು/297/ಕೆ.ಶೇ/ಎಸಿ/2025–26
Printed , Published & Owned by VENKATESH.B.S and Printed at Honalu Graphics, Ward No.2, Ashoka Road, Behind Stadium, Satyamangala Village, Vidayanagar, Hassan District, Karnataka-573201 and Published
at House No.155, Ward No.13, Laksmi Nilaya, Vidyuth Nagara , Opposite MCE College , Salagame Road, Hassan-573201, Karnataka. Editor: VENKATESH.B.S Mob-7899533643
